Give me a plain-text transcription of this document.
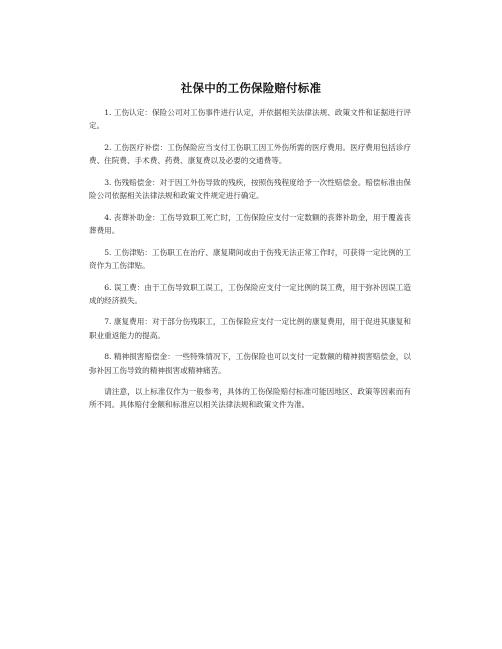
社保中的工伤保险赔付标准

1. 工伤认定：保险公司对工伤事件进行认定，并依据相关法律法规、政策文件和证据进行评定。

2. 工伤医疗补偿：工伤保险应当支付工伤职工因工外伤所需的医疗费用。医疗费用包括诊疗费、住院费、手术费、药费、康复费以及必要的交通费等。

3. 伤残赔偿金：对于因工外伤导致的残疾，按照伤残程度给予一次性赔偿金。赔偿标准由保险公司依据相关法律法规和政策文件规定进行确定。

4. 丧葬补助金：工伤导致职工死亡时，工伤保险应支付一定数额的丧葬补助金，用于覆盖丧葬费用。

5. 工伤津贴：工伤职工在治疗、康复期间或由于伤残无法正常工作时，可获得一定比例的工资作为工伤津贴。

6. 误工费：由于工伤导致职工误工，工伤保险应支付一定比例的误工费，用于弥补因误工造成的经济损失。

7. 康复费用：对于部分伤残职工，工伤保险应支付一定比例的康复费用，用于促进其康复和职业重返能力的提高。

8. 精神损害赔偿金：一些特殊情况下，工伤保险也可以支付一定数额的精神损害赔偿金，以弥补因工伤导致的精神损害或精神痛苦。

请注意，以上标准仅作为一般参考，具体的工伤保险赔付标准可能因地区、政策等因素而有所不同。具体赔付金额和标准应以相关法律法规和政策文件为准。
